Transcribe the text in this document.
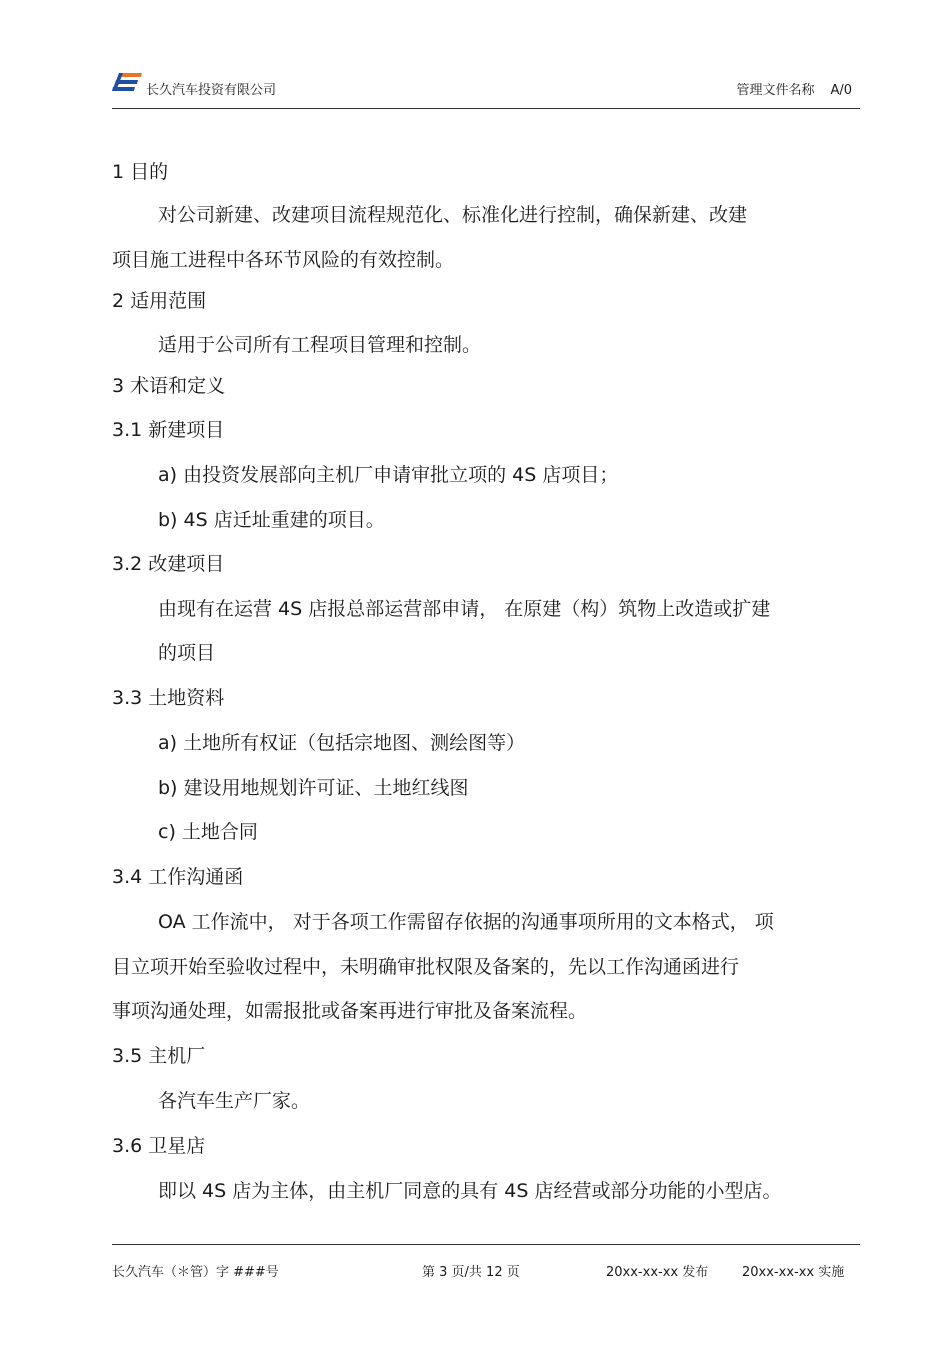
长久汽车投资有限公司	管理文件名称 A/0
1 目的
对公司新建、改建项目流程规范化、标准化进行控制，确保新建、改建
项目施工进程中各环节风险的有效控制。
2 适用范围
适用于公司所有工程项目管理和控制。
3 术语和定义
3.1 新建项目
a) 由投资发展部向主机厂申请审批立项的 4S 店项目；
b) 4S 店迁址重建的项目。
3.2 改建项目
由现有在运营 4S 店报总部运营部申请， 在原建（构）筑物上改造或扩建
的项目
3.3 土地资料
a) 土地所有权证（包括宗地图、测绘图等）
b) 建设用地规划许可证、土地红线图
c) 土地合同
3.4 工作沟通函
OA 工作流中， 对于各项工作需留存依据的沟通事项所用的文本格式， 项
目立项开始至验收过程中，未明确审批权限及备案的，先以工作沟通函进行
事项沟通处理，如需报批或备案再进行审批及备案流程。
3.5 主机厂
各汽车生产厂家。
3.6 卫星店
即以 4S 店为主体，由主机厂同意的具有 4S 店经营或部分功能的小型店。
长久汽车（＊管）字 ###号	第 3 页/共 12 页	20xx-xx-xx 发布	20xx-xx-xx 实施
